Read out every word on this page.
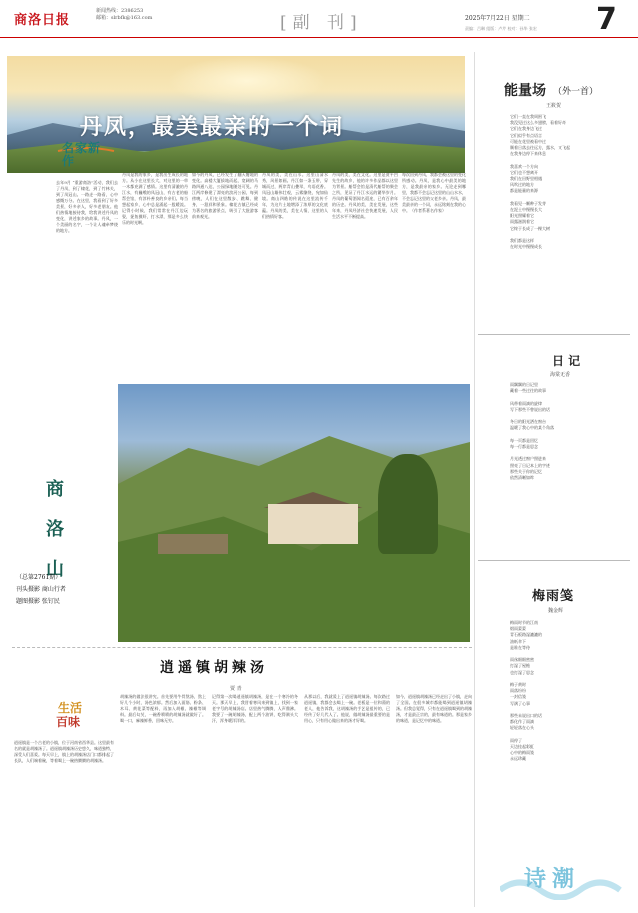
商洛日报
新闻热线：2386253
邮箱：slrbfk@163.com	[副 刊]	2025年7月22日 星期二
责编：吕琳 组版：卢芹 校对：孙华 张宏 7
丹凤，最美最亲的一个词
名家新作
去年9月 “重游商洛”活动，我们去了丹凤，到了棣花，到了竹林关，到了凤冠山。一路走一路看，心中感慨万分。在这里，我看到了好多美景，好多亲人，好多老朋友。他们热情地接待我，给我讲述丹凤的变化，讲述家乡的故事。丹凤，一个美丽的名字，一个让人魂牵梦绕的地方。
丹凤是我的家乡，是我出生成长的地方。从小在这里长大，对这里的一草一木都充满了感情。这里有清澈的丹江水，有巍峨的凤冠山，有古老的船帮会馆，有淳朴善良的乡亲们。每当想起家乡，心中总是涌起一股暖流。记得小时候，我们常常在丹江边玩耍，捉鱼摸虾，打水漂，那是多么快乐的时光啊。
如今的丹凤，已经发生了翻天覆地的变化。高楼大厦拔地而起，宽阔的马路四通八达，公园绿地随处可见。丹江两岸修建了漂亮的滨河公园，每到傍晚，人们在这里散步、跳舞、健身，一派祥和景象。棣花古镇已经成为著名的旅游景点，吸引了大批游客前来观光。
丹凤的美，美在山水。这里山清水秀，风景如画。丹江如一条玉带，穿城而过，两岸青山叠翠，鸟语花香。凤冠山雄伟壮观，云雾缭绕，宛如仙境。商山四皓的传说在这里流传千年，为这片土地增添了浓厚的文化底蕴。丹凤的美，美在人情，这里的人们热情好客。
丹凤的美，美在文化。这里是贾平凹先生的故乡，他的许多作品都以这里为背景。船帮会馆是清代船帮的聚会之所，见证了丹江水运的繁华岁月。丹凤的葡萄酒闻名遐迩，已有百余年的历史。丹凤的美，美在发展，这些年来，丹凤经济社会快速发展，人民生活水平不断提高。
每次回到丹凤，我都会被这里的变化所感动。丹凤，是我心中最美的地方，是我最亲的家乡。无论走到哪里，我都不会忘记这里的山山水水，不会忘记这里的父老乡亲。丹凤，最美最亲的一个词，永远铭刻在我的心中。（作者系著名作家）
能量场 （外一首）
王筱贺
它们一直在我周围飞
我没见过这么多翅膀，看着好奇
它们在我身边飞过
它们似乎有点语言
可能在花里被看中过
顺着日落去往远方，露水，又飞起
在我身边停下来休息

我喜欢一个方向
它们也不想离开
我们在田野里相遇
风吹过的地方
都是能量的来源

我看见一颗种子发芽
在泥土中慢慢长大
阳光照耀着它
雨露滋润着它
它终于长成了一棵大树

我们都是这样
在时光中慢慢成长
日 记
海棠无香
雨飘飘的日记里
藏着一些过往的故事

风带着雨滴的旋律
写下那些不曾说出的话

冬日的阳光洒在窗台
温暖了我心中的某个角落

每一页都是回忆
每一行都是思念

月光透过窗户照进来
照亮了日记本上的字迹
那些关于你的记忆
依然清晰如昨
梅雨笺
魏金辉
梅雨时节的江南
烟雨蒙蒙
青石板路湿漉漉的
油纸伞下
是谁在等待

雨丝细细密密
打湿了屋檐
也打湿了思念

梅子黄时
雨落纷纷
一封信笺
写满了心事

那些未说出口的话
都化作了雨滴
轻轻落在心头

雨停了
天边挂起彩虹
心中的梅雨笺
永远珍藏
诗潮
商洛山
（总第2761期）
刊头摄影 商山行者
题图摄影 张钉民
逍遥镇胡辣汤
贾 青
生活
百味
逍遥镇是一个古老的小镇，位于河南省西华县。这里最有名的就是胡辣汤了。逍遥镇胡辣汤历史悠久，味道独特，深受人们喜爱。每天早上，镇上的胡辣汤店门口都排起了长队，人们端着碗，等着喝上一碗热腾腾的胡辣汤。
胡辣汤的做法很讲究。首先要用牛骨熬汤，熬上好几个小时，汤色浓郁。然后加入面筋、粉条、木耳、黄花菜等配料，再加入胡椒、辣椒等调料。最后勾芡，一碗香喷喷的胡辣汤就做好了。喝一口，麻辣鲜香，回味无穷。
记得第一次喝逍遥镇胡辣汤，是在一个寒冷的冬天。那天早上，我冒着寒风来到镇上，找到一家老字号的胡辣汤店。店里热气腾腾，人声鼎沸。我要了一碗胡辣汤，配上两个油饼，吃得满头大汗，浑身暖洋洋的。
从那以后，我就爱上了逍遥镇胡辣汤。每次路过逍遥镇，我都会去喝上一碗。老板是一位和蔼的老人，他告诉我，这胡辣汤的手艺是祖传的，已经传了好几代人了。他说，做胡辣汤最重要的是用心，只有用心做出来的汤才好喝。
如今，逍遥镇胡辣汤已经走出了小镇，走向了全国。在很多城市都能喝到逍遥镇胡辣汤。但我总觉得，只有在逍遥镇喝到的胡辣汤，才是最正宗的，最有味道的。那是家乡的味道，是记忆中的味道。
